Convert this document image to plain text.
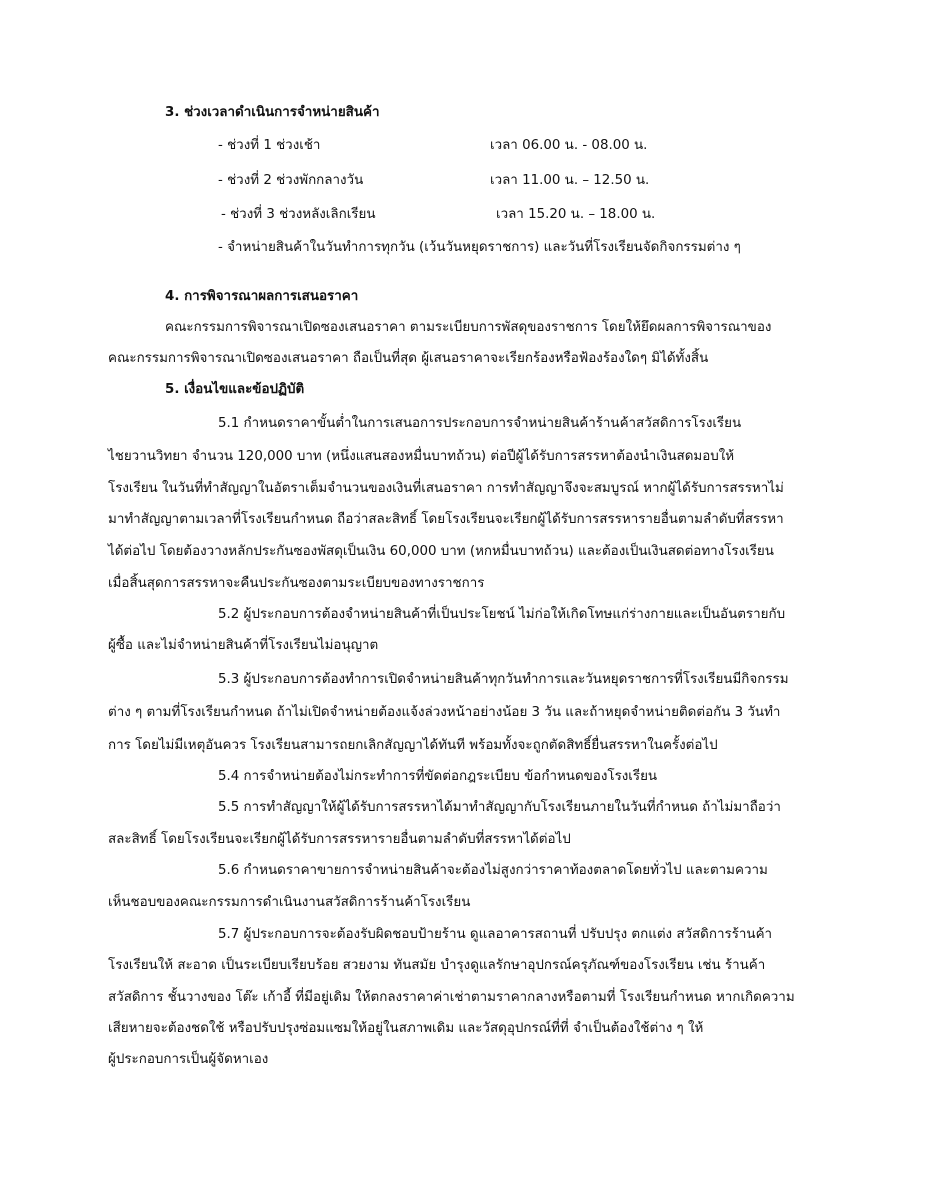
3. ช่วงเวลาดำเนินการจำหน่ายสินค้า
- ช่วงที่ 1 ช่วงเช้า	เวลา 06.00 น. - 08.00 น.
- ช่วงที่ 2 ช่วงพักกลางวัน	เวลา 11.00 น. – 12.50 น.
- ช่วงที่ 3 ช่วงหลังเลิกเรียน	เวลา 15.20 น. – 18.00 น.
- จำหน่ายสินค้าในวันทำการทุกวัน (เว้นวันหยุดราชการ) และวันที่โรงเรียนจัดกิจกรรมต่าง ๆ
4. การพิจารณาผลการเสนอราคา
คณะกรรมการพิจารณาเปิดซองเสนอราคา ตามระเบียบการพัสดุของราชการ โดยให้ยึดผลการพิจารณาของ
คณะกรรมการพิจารณาเปิดซองเสนอราคา ถือเป็นที่สุด ผู้เสนอราคาจะเรียกร้องหรือฟ้องร้องใดๆ มิได้ทั้งสิ้น
5. เงื่อนไขและข้อปฏิบัติ
5.1 กำหนดราคาขั้นต่ำในการเสนอการประกอบการจำหน่ายสินค้าร้านค้าสวัสดิการโรงเรียน
ไชยวานวิทยา จำนวน 120,000 บาท (หนึ่งแสนสองหมื่นบาทถ้วน) ต่อปีผู้ได้รับการสรรหาต้องนำเงินสดมอบให้
โรงเรียน ในวันที่ทำสัญญาในอัตราเต็มจำนวนของเงินที่เสนอราคา การทำสัญญาจึงจะสมบูรณ์ หากผู้ได้รับการสรรหาไม่
มาทำสัญญาตามเวลาที่โรงเรียนกำหนด ถือว่าสละสิทธิ์ โดยโรงเรียนจะเรียกผู้ได้รับการสรรหารายอื่นตามลำดับที่สรรหา
ได้ต่อไป โดยต้องวางหลักประกันซองพัสดุเป็นเงิน 60,000 บาท (หกหมื่นบาทถ้วน) และต้องเป็นเงินสดต่อทางโรงเรียน
เมื่อสิ้นสุดการสรรหาจะคืนประกันซองตามระเบียบของทางราชการ
5.2 ผู้ประกอบการต้องจำหน่ายสินค้าที่เป็นประโยชน์ ไม่ก่อให้เกิดโทษแก่ร่างกายและเป็นอันตรายกับ
ผู้ซื้อ และไม่จำหน่ายสินค้าที่โรงเรียนไม่อนุญาต
5.3 ผู้ประกอบการต้องทำการเปิดจำหน่ายสินค้าทุกวันทำการและวันหยุดราชการที่โรงเรียนมีกิจกรรม
ต่าง ๆ ตามที่โรงเรียนกำหนด ถ้าไม่เปิดจำหน่ายต้องแจ้งล่วงหน้าอย่างน้อย 3 วัน และถ้าหยุดจำหน่ายติดต่อกัน 3 วันทำ
การ โดยไม่มีเหตุอันควร โรงเรียนสามารถยกเลิกสัญญาได้ทันที พร้อมทั้งจะถูกตัดสิทธิ์ยื่นสรรหาในครั้งต่อไป
5.4 การจำหน่ายต้องไม่กระทำการที่ขัดต่อกฎระเบียบ ข้อกำหนดของโรงเรียน
5.5 การทำสัญญาให้ผู้ได้รับการสรรหาได้มาทำสัญญากับโรงเรียนภายในวันที่กำหนด ถ้าไม่มาถือว่า
สละสิทธิ์ โดยโรงเรียนจะเรียกผู้ได้รับการสรรหารายอื่นตามลำดับที่สรรหาได้ต่อไป
5.6 กำหนดราคาขายการจำหน่ายสินค้าจะต้องไม่สูงกว่าราคาท้องตลาดโดยทั่วไป และตามความ
เห็นชอบของคณะกรรมการดำเนินงานสวัสดิการร้านค้าโรงเรียน
5.7 ผู้ประกอบการจะต้องรับผิดชอบป้ายร้าน ดูแลอาคารสถานที่ ปรับปรุง ตกแต่ง สวัสดิการร้านค้า
โรงเรียนให้ สะอาด เป็นระเบียบเรียบร้อย สวยงาม ทันสมัย บำรุงดูแลรักษาอุปกรณ์ครุภัณฑ์ของโรงเรียน เช่น ร้านค้า
สวัสดิการ ชั้นวางของ โต๊ะ เก้าอี้ ที่มีอยู่เดิม ให้ตกลงราคาค่าเช่าตามราคากลางหรือตามที่ โรงเรียนกำหนด หากเกิดความ
เสียหายจะต้องชดใช้ หรือปรับปรุงซ่อมแซมให้อยู่ในสภาพเดิม และวัสดุอุปกรณ์ที่ที่ จำเป็นต้องใช้ต่าง ๆ ให้
ผู้ประกอบการเป็นผู้จัดหาเอง
